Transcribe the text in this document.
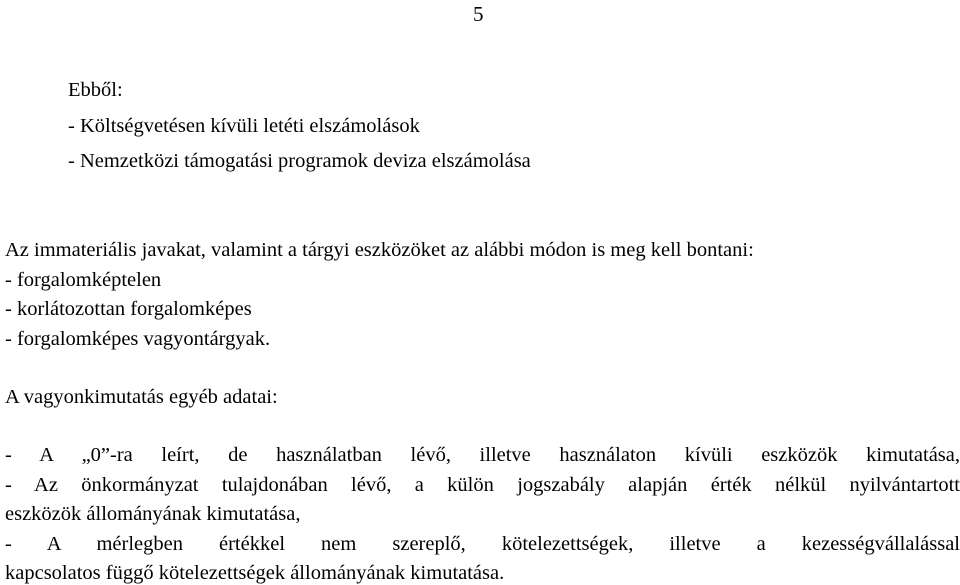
5
Ebből:
- Költségvetésen kívüli letéti elszámolások
- Nemzetközi támogatási programok deviza elszámolása
Az immateriális javakat, valamint a tárgyi eszközöket az alábbi módon is meg kell bontani:
- forgalomképtelen
- korlátozottan forgalomképes
- forgalomképes vagyontárgyak.
A vagyonkimutatás egyéb adatai:
- A „0”-ra leírt, de használatban lévő, illetve használaton kívüli eszközök kimutatása,
- Az önkormányzat tulajdonában lévő, a külön jogszabály alapján érték nélkül nyilvántartott
eszközök állományának kimutatása,
- A mérlegben értékkel nem szereplő, kötelezettségek, illetve a kezességvállalással
kapcsolatos függő kötelezettségek állományának kimutatása.
